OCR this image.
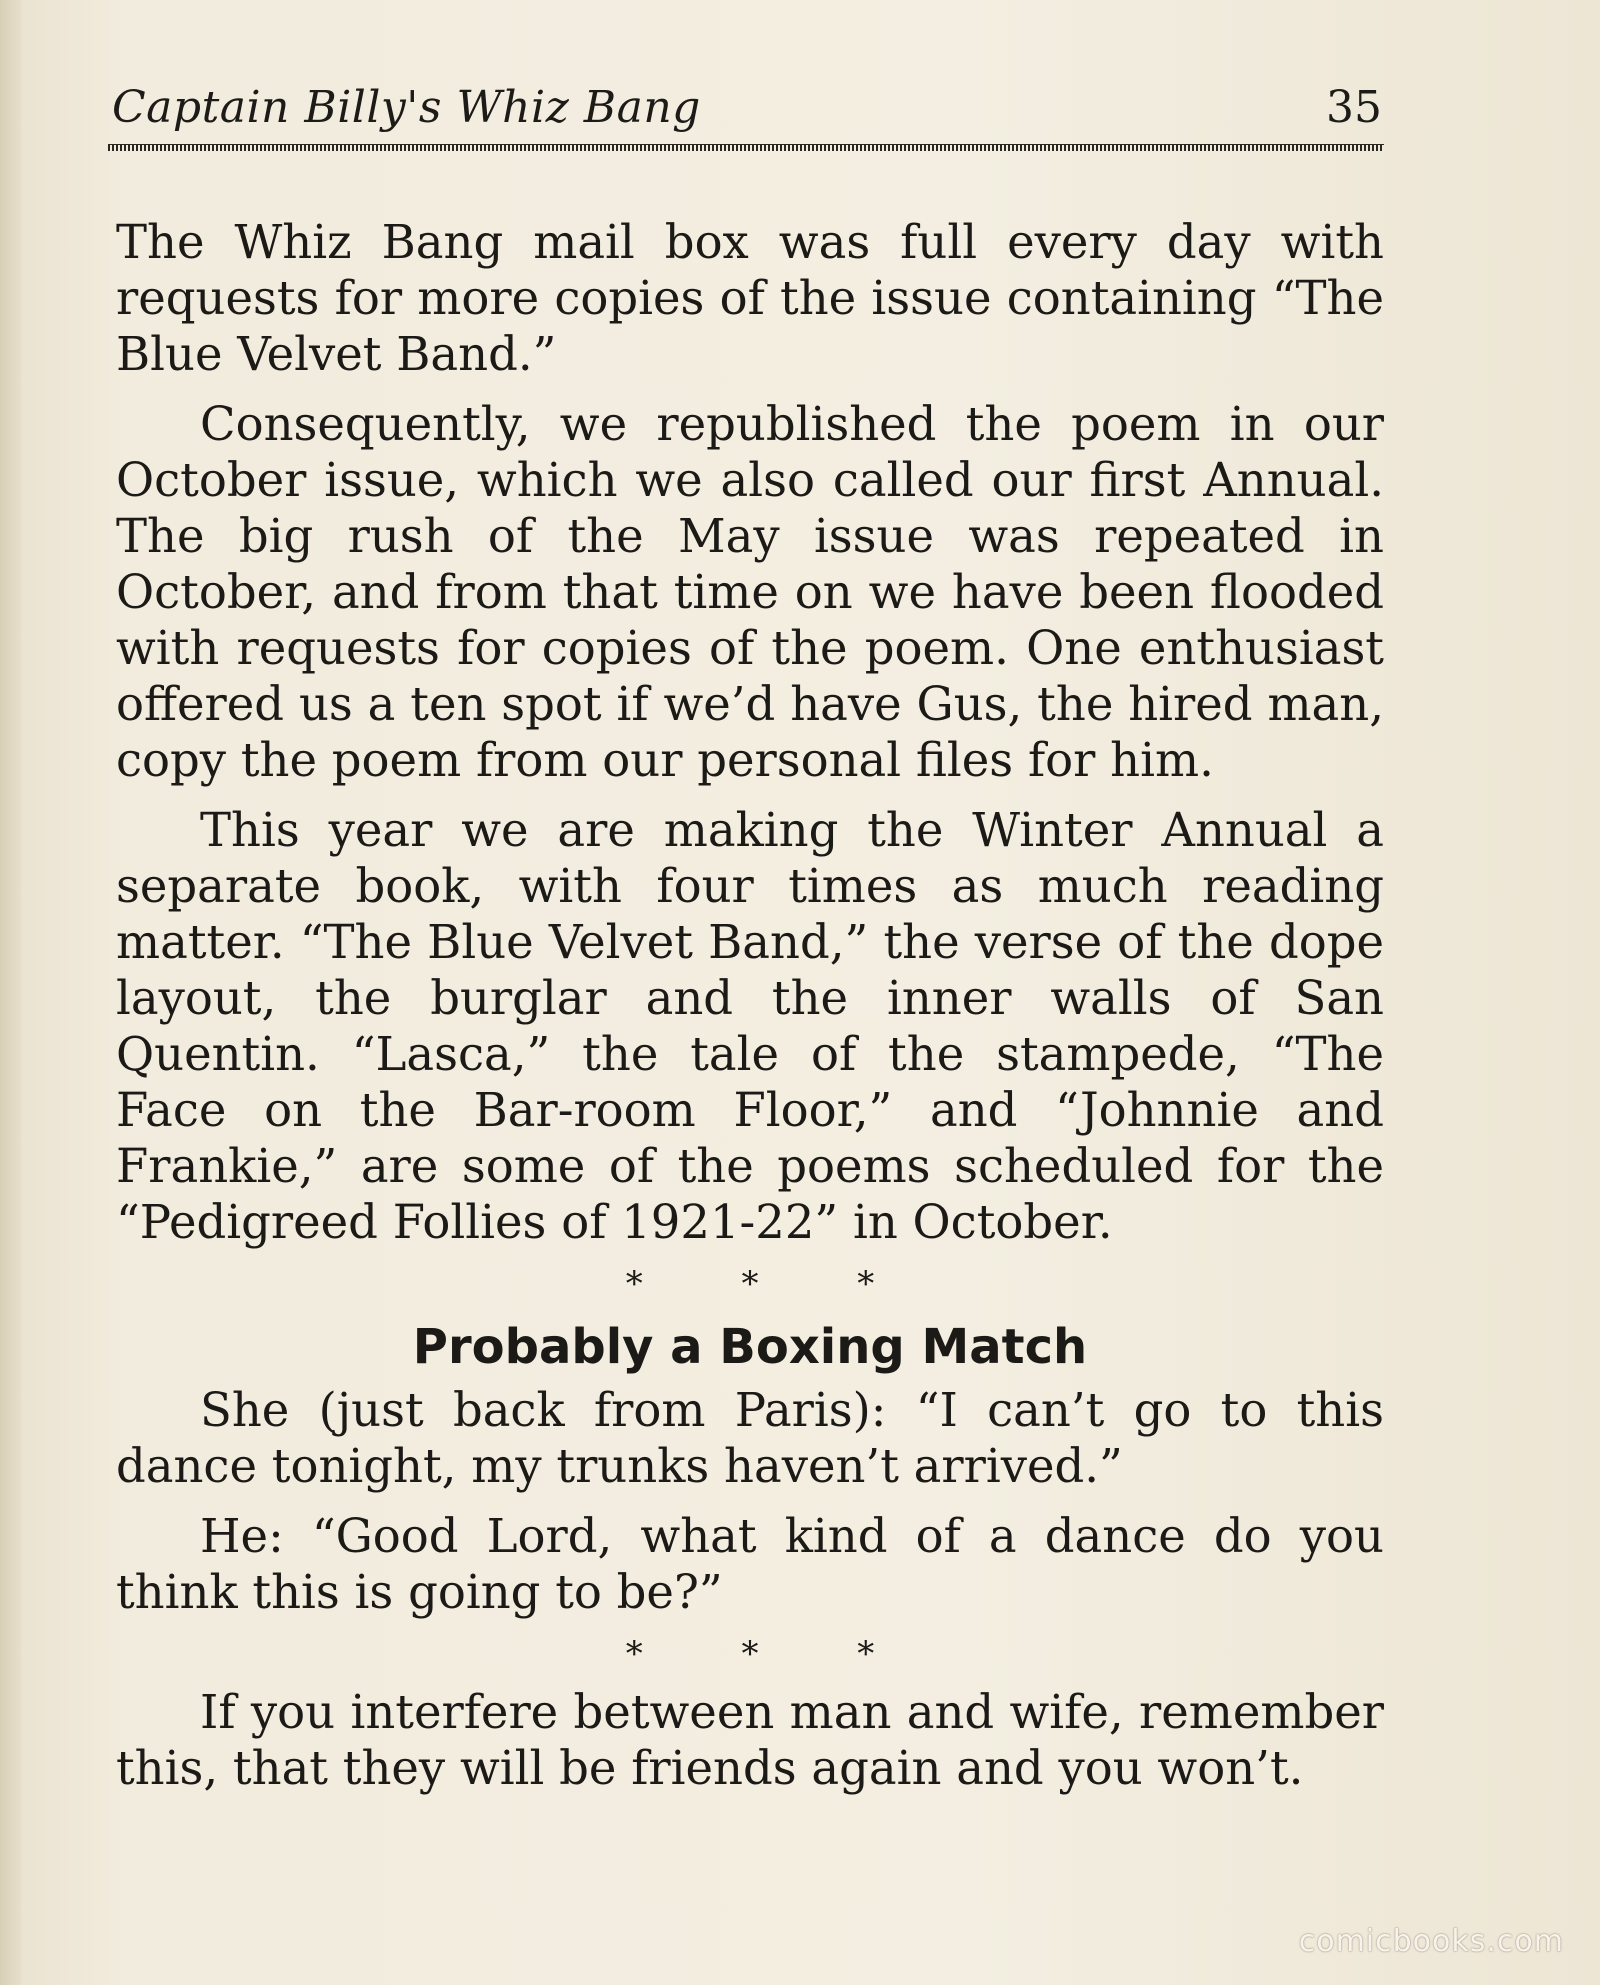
Captain Billy's Whiz Bang	35

The Whiz Bang mail box was full every day with requests for more copies of the issue containing “The Blue Velvet Band.”

Consequently, we republished the poem in our October issue, which we also called our first Annual. The big rush of the May issue was repeated in October, and from that time on we have been flooded with requests for copies of the poem. One enthusiast offered us a ten spot if we’d have Gus, the hired man, copy the poem from our personal files for him.

This year we are making the Winter Annual a separate book, with four times as much reading matter. “The Blue Velvet Band,” the verse of the dope layout, the burglar and the inner walls of San Quentin. “Lasca,” the tale of the stampede, “The Face on the Bar-room Floor,” and “Johnnie and Frankie,” are some of the poems scheduled for the “Pedigreed Follies of 1921-22” in October.

* * *
Probably a Boxing Match

She (just back from Paris): “I can’t go to this dance tonight, my trunks haven’t arrived.”

He: “Good Lord, what kind of a dance do you think this is going to be?”

* * *

If you interfere between man and wife, remember this, that they will be friends again and you won’t.

comicbooks.com
